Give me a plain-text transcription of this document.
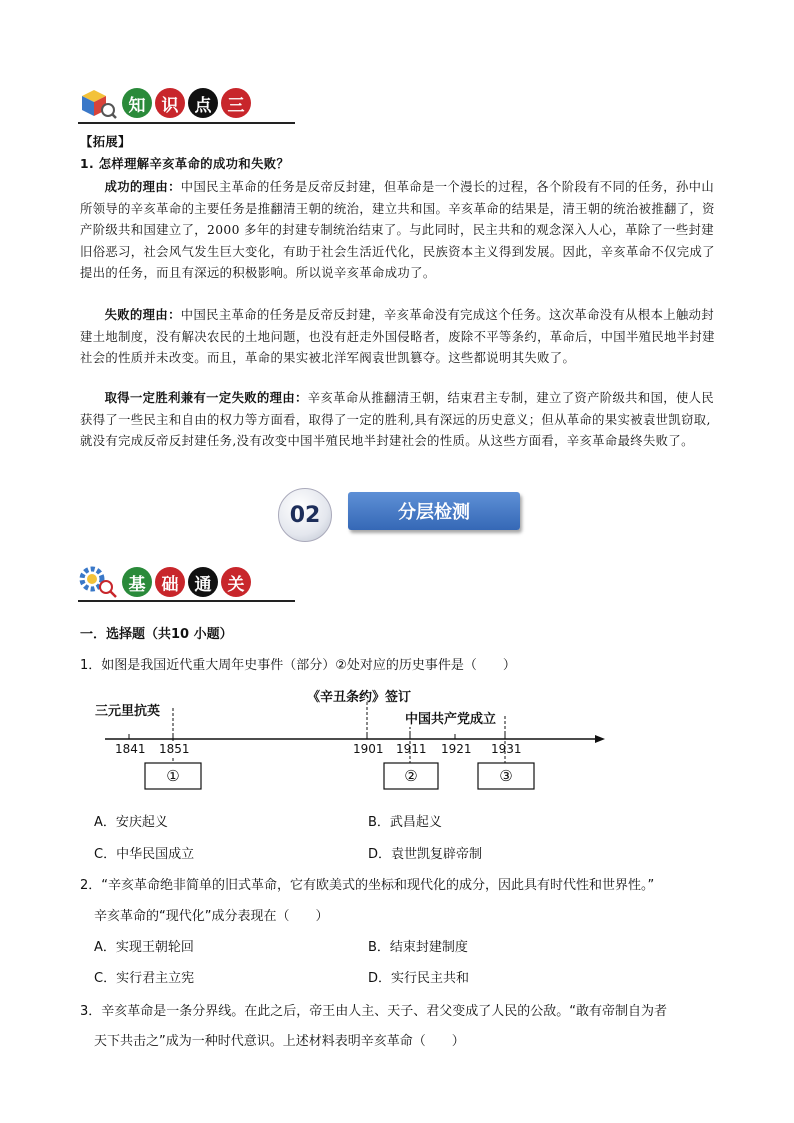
知 识 点 三
【拓展】
1. 怎样理解辛亥革命的成功和失败？
成功的理由：中国民主革命的任务是反帝反封建，但革命是一个漫长的过程，各个阶段有不同的任务，孙中山所领导的辛亥革命的主要任务是推翻清王朝的统治，建立共和国。辛亥革命的结果是，清王朝的统治被推翻了，资产阶级共和国建立了，2000 多年的封建专制统治结束了。与此同时，民主共和的观念深入人心，革除了一些封建旧俗恶习，社会风气发生巨大变化，有助于社会生活近代化，民族资本主义得到发展。因此，辛亥革命不仅完成了提出的任务，而且有深远的积极影响。所以说辛亥革命成功了。
失败的理由：中国民主革命的任务是反帝反封建，辛亥革命没有完成这个任务。这次革命没有从根本上触动封建土地制度，没有解决农民的土地问题，也没有赶走外国侵略者，废除不平等条约，革命后，中国半殖民地半封建社会的性质并未改变。而且，革命的果实被北洋军阀袁世凯篡夺。这些都说明其失败了。
取得一定胜利兼有一定失败的理由：辛亥革命从推翻清王朝，结束君主专制，建立了资产阶级共和国，使人民获得了一些民主和自由的权力等方面看，取得了一定的胜利,具有深远的历史意义；但从革命的果实被袁世凯窃取,就没有完成反帝反封建任务,没有改变中国半殖民地半封建社会的性质。从这些方面看，辛亥革命最终失败了。
分层检测
02
基 础 通 关
一．选择题（共10 小题）
1．如图是我国近代重大周年史事件（部分）②处对应的历史事件是（　　）
三元里抗英
《辛丑条约》签订
中国共产党成立
1841 1851	1901 1911 1921 1931
①	②	③
A．安庆起义	B．武昌起义
C．中华民国成立	D．袁世凯复辟帝制
2．“辛亥革命绝非简单的旧式革命，它有欧美式的坐标和现代化的成分，因此具有时代性和世界性。”
辛亥革命的“现代化”成分表现在（　　）
A．实现王朝轮回	B．结束封建制度
C．实行君主立宪	D．实行民主共和
3．辛亥革命是一条分界线。在此之后，帝王由人主、天子、君父变成了人民的公敌。“敢有帝制自为者
天下共击之”成为一种时代意识。上述材料表明辛亥革命（　　）
